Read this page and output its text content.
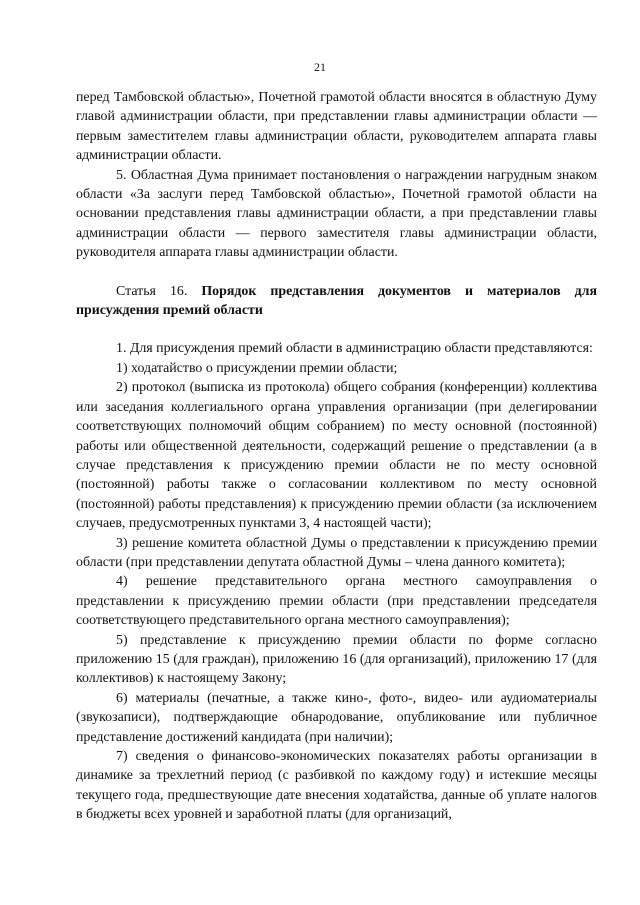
21

перед Тамбовской областью», Почетной грамотой области вносятся в областную Думу главой администрации области, при представлении главы администрации области — первым заместителем главы администрации области, руководителем аппарата главы администрации области.

5. Областная Дума принимает постановления о награждении нагрудным знаком области «За заслуги перед Тамбовской областью», Почетной грамотой области на основании представления главы администрации области, а при представлении главы администрации области — первого заместителя главы администрации области, руководителя аппарата главы администрации области.

Статья 16. Порядок представления документов и материалов для присуждения премий области

1. Для присуждения премий области в администрацию области представляются:

1) ходатайство о присуждении премии области;

2) протокол (выписка из протокола) общего собрания (конференции) коллектива или заседания коллегиального органа управления организации (при делегировании соответствующих полномочий общим собранием) по месту основной (постоянной) работы или общественной деятельности, содержащий решение о представлении (а в случае представления к присуждению премии области не по месту основной (постоянной) работы также о согласовании коллективом по месту основной (постоянной) работы представления) к присуждению премии области (за исключением случаев, предусмотренных пунктами 3, 4 настоящей части);

3) решение комитета областной Думы о представлении к присуждению премии области (при представлении депутата областной Думы – члена данного комитета);

4) решение представительного органа местного самоуправления о представлении к присуждению премии области (при представлении председателя соответствующего представительного органа местного самоуправления);

5) представление к присуждению премии области по форме согласно приложению 15 (для граждан), приложению 16 (для организаций), приложению 17 (для коллективов) к настоящему Закону;

6) материалы (печатные, а также кино-, фото-, видео- или аудиоматериалы (звукозаписи), подтверждающие обнародование, опубликование или публичное представление достижений кандидата (при наличии);

7) сведения о финансово-экономических показателях работы организации в динамике за трехлетний период (с разбивкой по каждому году) и истекшие месяцы текущего года, предшествующие дате внесения ходатайства, данные об уплате налогов в бюджеты всех уровней и заработной платы (для организаций,
